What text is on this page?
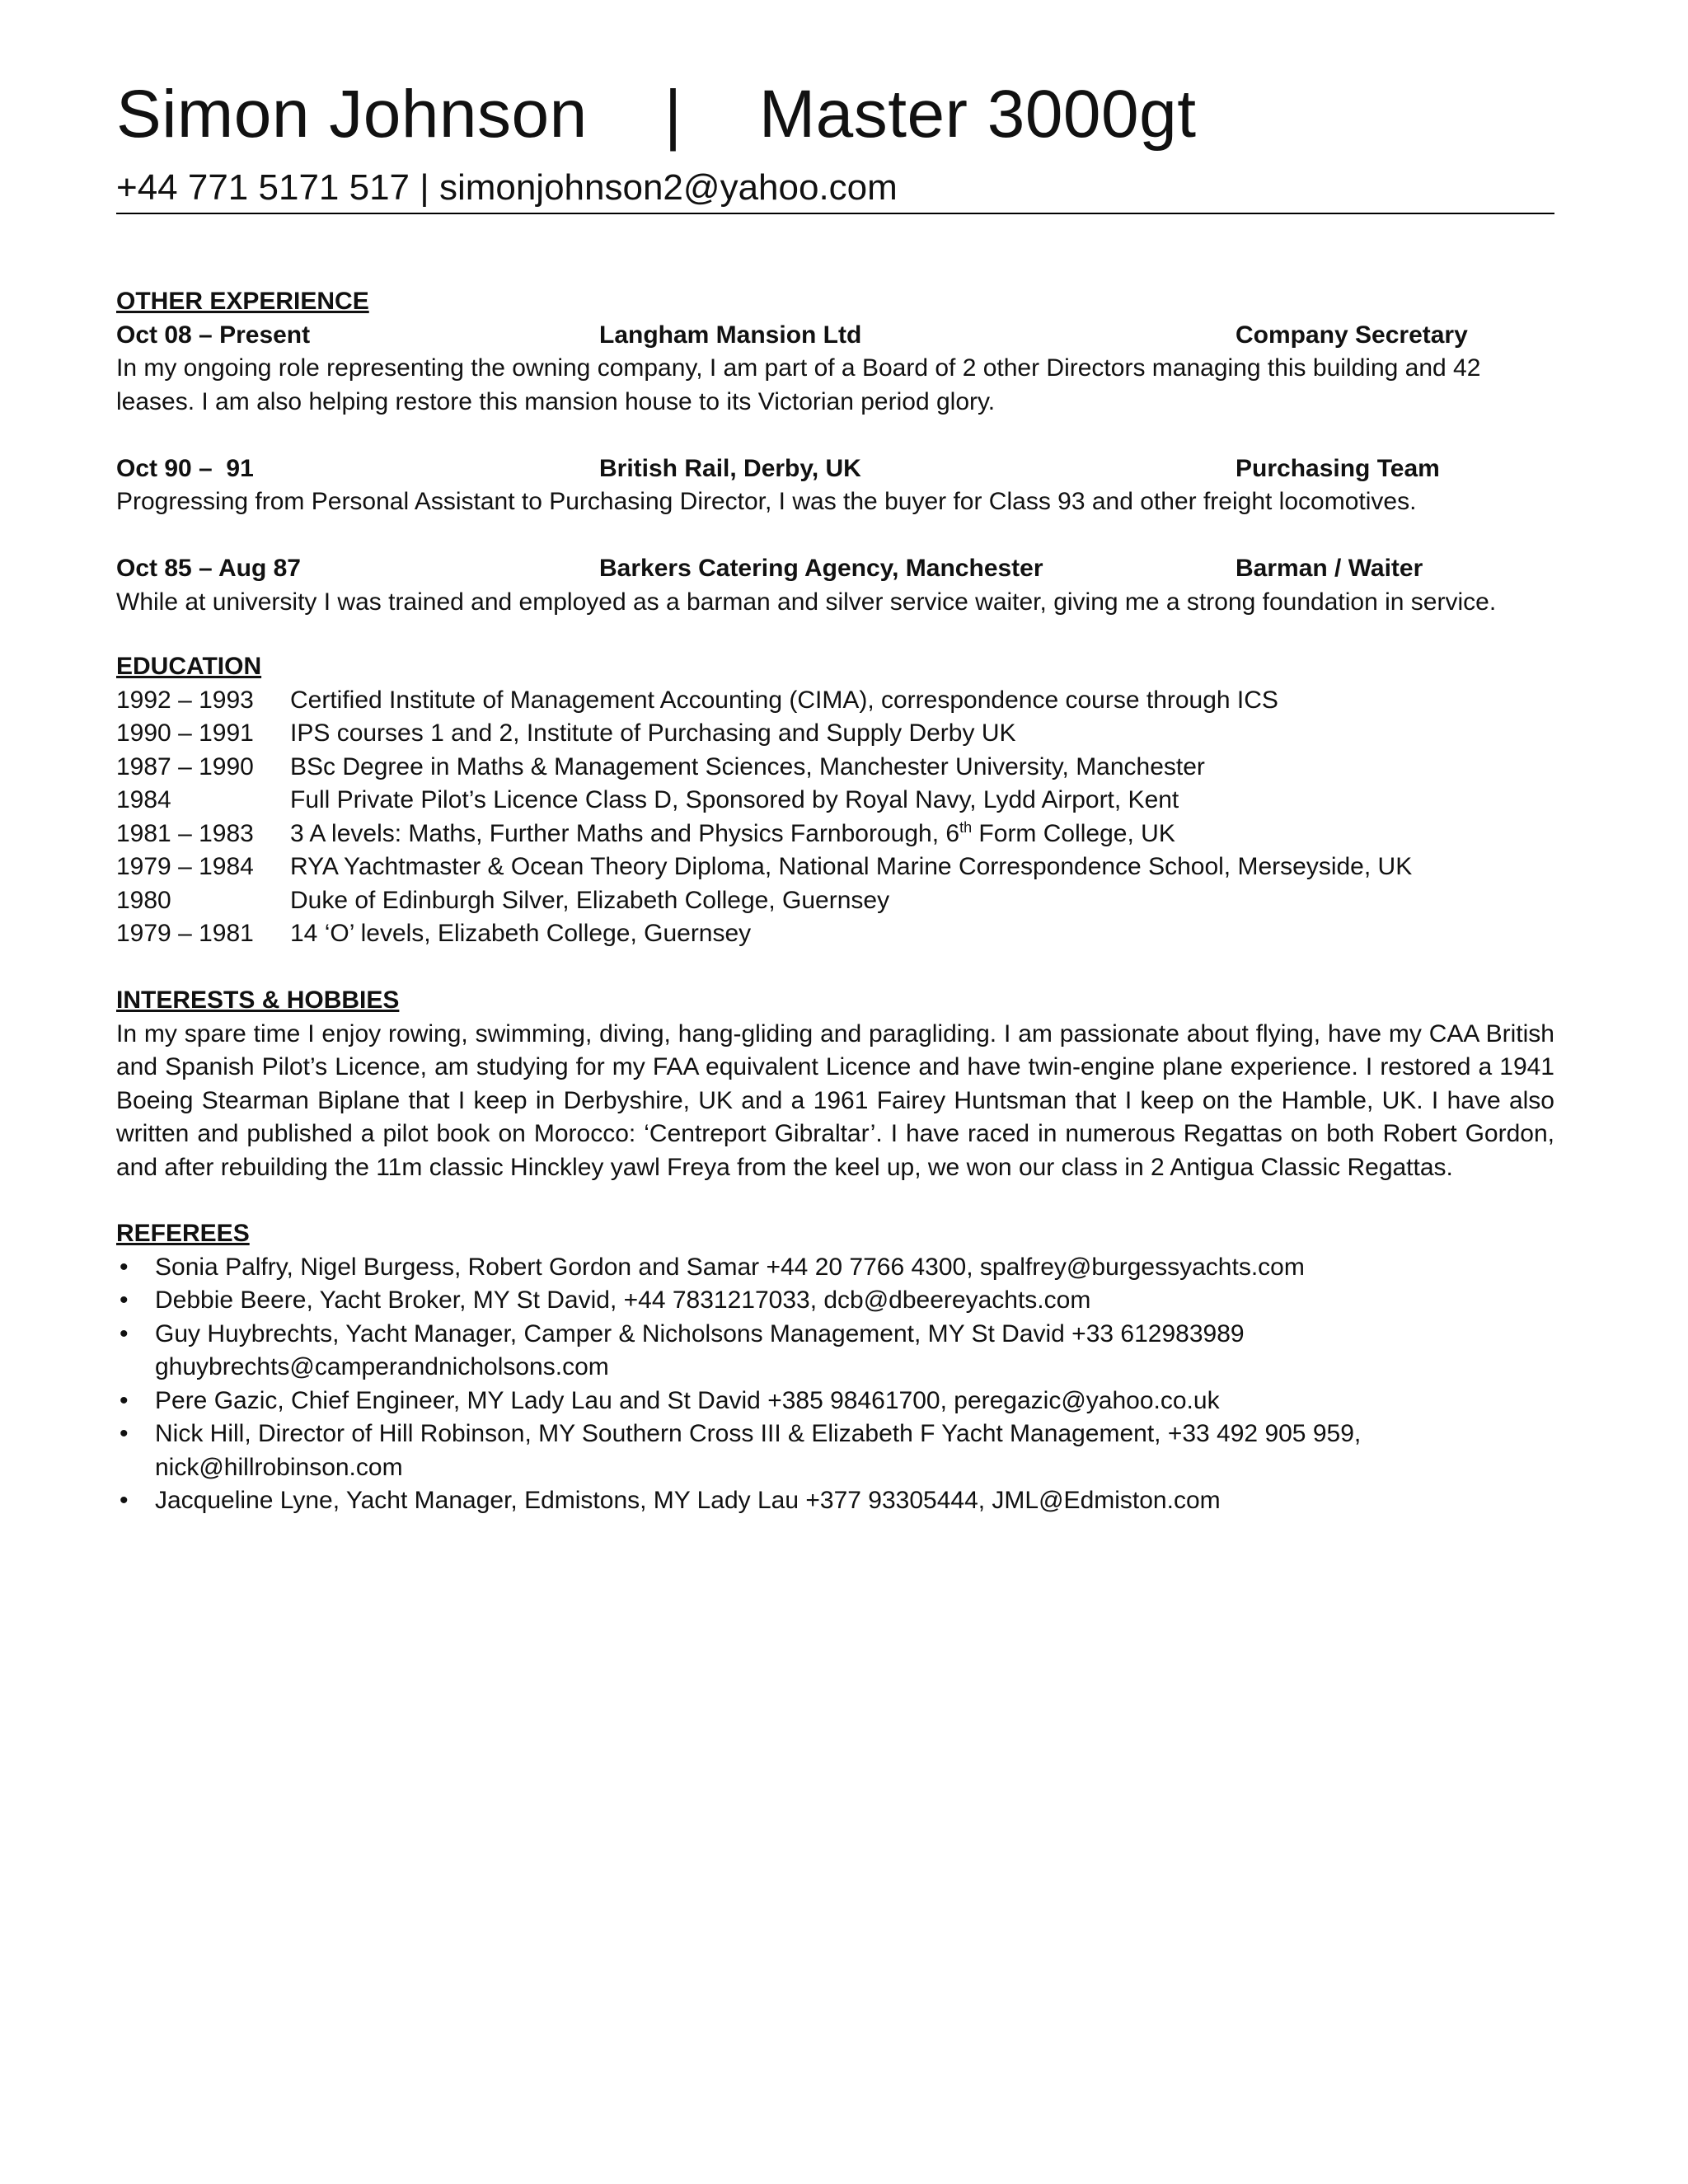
Simon Johnson | Master 3000gt
+44 771 5171 517 | simonjohnson2@yahoo.com
OTHER EXPERIENCE
Oct 08 – Present	Langham Mansion Ltd	Company Secretary
In my ongoing role representing the owning company, I am part of a Board of 2 other Directors managing this building and 42
leases. I am also helping restore this mansion house to its Victorian period glory.
Oct 90 –  91	British Rail, Derby, UK	Purchasing Team
Progressing from Personal Assistant to Purchasing Director, I was the buyer for Class 93 and other freight locomotives.
Oct 85 – Aug 87	Barkers Catering Agency, Manchester	Barman / Waiter
While at university I was trained and employed as a barman and silver service waiter, giving me a strong foundation in service.
EDUCATION
1992 – 1993 Certified Institute of Management Accounting (CIMA), correspondence course through ICS
1990 – 1991 IPS courses 1 and 2, Institute of Purchasing and Supply Derby UK
1987 – 1990 BSc Degree in Maths & Management Sciences, Manchester University, Manchester
1984	Full Private Pilot’s Licence Class D, Sponsored by Royal Navy, Lydd Airport, Kent
1981 – 1983 3 A levels: Maths, Further Maths and Physics Farnborough, 6th Form College, UK
1979 – 1984 RYA Yachtmaster & Ocean Theory Diploma, National Marine Correspondence School, Merseyside, UK
1980	Duke of Edinburgh Silver, Elizabeth College, Guernsey
1979 – 1981 14 ‘O’ levels, Elizabeth College, Guernsey
INTERESTS & HOBBIES
In my spare time I enjoy rowing, swimming, diving, hang-gliding and paragliding. I am passionate about flying, have my CAA British and Spanish Pilot’s Licence, am studying for my FAA equivalent Licence and have twin-engine plane experience. I restored a 1941 Boeing Stearman Biplane that I keep in Derbyshire, UK and a 1961 Fairey Huntsman that I keep on the Hamble, UK. I have also written and published a pilot book on Morocco: ‘Centreport Gibraltar’. I have raced in numerous Regattas on both Robert Gordon, and after rebuilding the 11m classic Hinckley yawl Freya from the keel up, we won our class in 2 Antigua Classic Regattas.
REFEREES
• Sonia Palfry, Nigel Burgess, Robert Gordon and Samar +44 20 7766 4300, spalfrey@burgessyachts.com
• Debbie Beere, Yacht Broker, MY St David, +44 7831217033, dcb@dbeereyachts.com
• Guy Huybrechts, Yacht Manager, Camper & Nicholsons Management, MY St David +33 612983989
ghuybrechts@camperandnicholsons.com
• Pere Gazic, Chief Engineer, MY Lady Lau and St David +385 98461700, peregazic@yahoo.co.uk
• Nick Hill, Director of Hill Robinson, MY Southern Cross III & Elizabeth F Yacht Management, +33 492 905 959,
nick@hillrobinson.com
• Jacqueline Lyne, Yacht Manager, Edmistons, MY Lady Lau +377 93305444, JML@Edmiston.com
